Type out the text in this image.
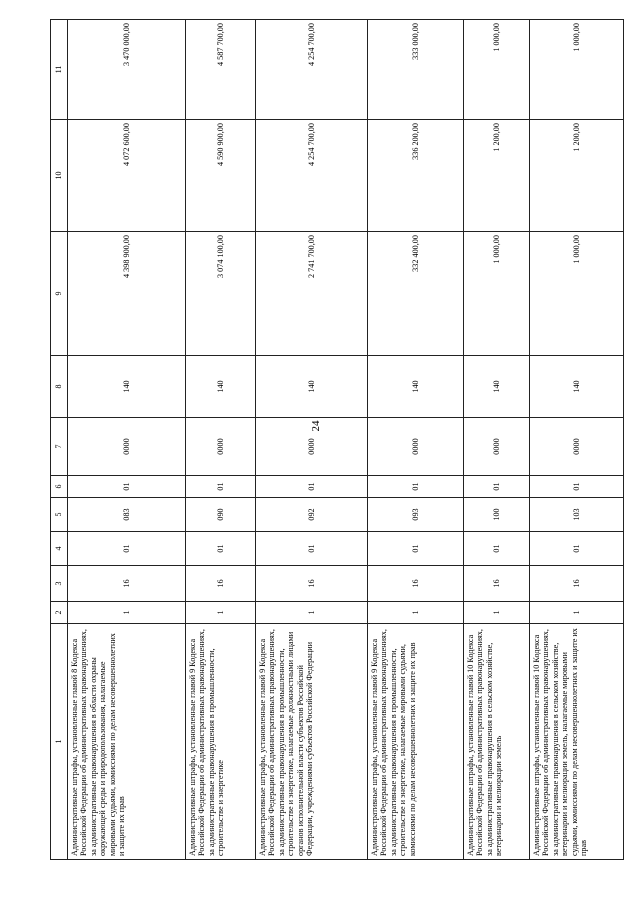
24
1	2	3	4	5	6	7	8	9	10	11
Административные штрафы, установленные главой 8 Кодекса Российской Федерации об административных правонарушениях, за административные правонарушения в области охраны окружающей среды и природопользования, налагаемые мировыми судьями, комиссиями по делам несовершеннолетних и защите их прав	1	16	01	083	01	0000	140	4 398 900,00	4 072 600,00	3 470 000,00
Административные штрафы, установленные главой 9 Кодекса Российской Федерации об административных правонарушениях, за административные правонарушения в промышленности, строительстве и энергетике	1	16	01	090	01	0000	140	3 074 100,00	4 590 900,00	4 587 700,00
Административные штрафы, установленные главой 9 Кодекса Российской Федерации об административных правонарушениях, за административные правонарушения в промышленности, строительстве и энергетике, налагаемые должностными лицами органов исполнительной власти субъектов Российской Федерации, учреждениями субъектов Российской Федерации	1	16	01	092	01	0000	140	2 741 700,00	4 254 700,00	4 254 700,00
Административные штрафы, установленные главой 9 Кодекса Российской Федерации об административных правонарушениях, за административные правонарушения в промышленности, строительстве и энергетике, налагаемые мировыми судьями, комиссиями по делам несовершеннолетних и защите их прав	1	16	01	093	01	0000	140	332 400,00	336 200,00	333 000,00
Административные штрафы, установленные главой 10 Кодекса Российской Федерации об административных правонарушениях, за административные правонарушения в сельском хозяйстве, ветеринарии и мелиорации земель	1	16	01	100	01	0000	140	1 000,00	1 200,00	1 000,00
Административные штрафы, установленные главой 10 Кодекса Российской Федерации об административных правонарушениях, за административные правонарушения в сельском хозяйстве, ветеринарии и мелиорации земель, налагаемые мировыми судьями, комиссиями по делам несовершеннолетних и защите их прав	1	16	01	103	01	0000	140	1 000,00	1 200,00	1 000,00
